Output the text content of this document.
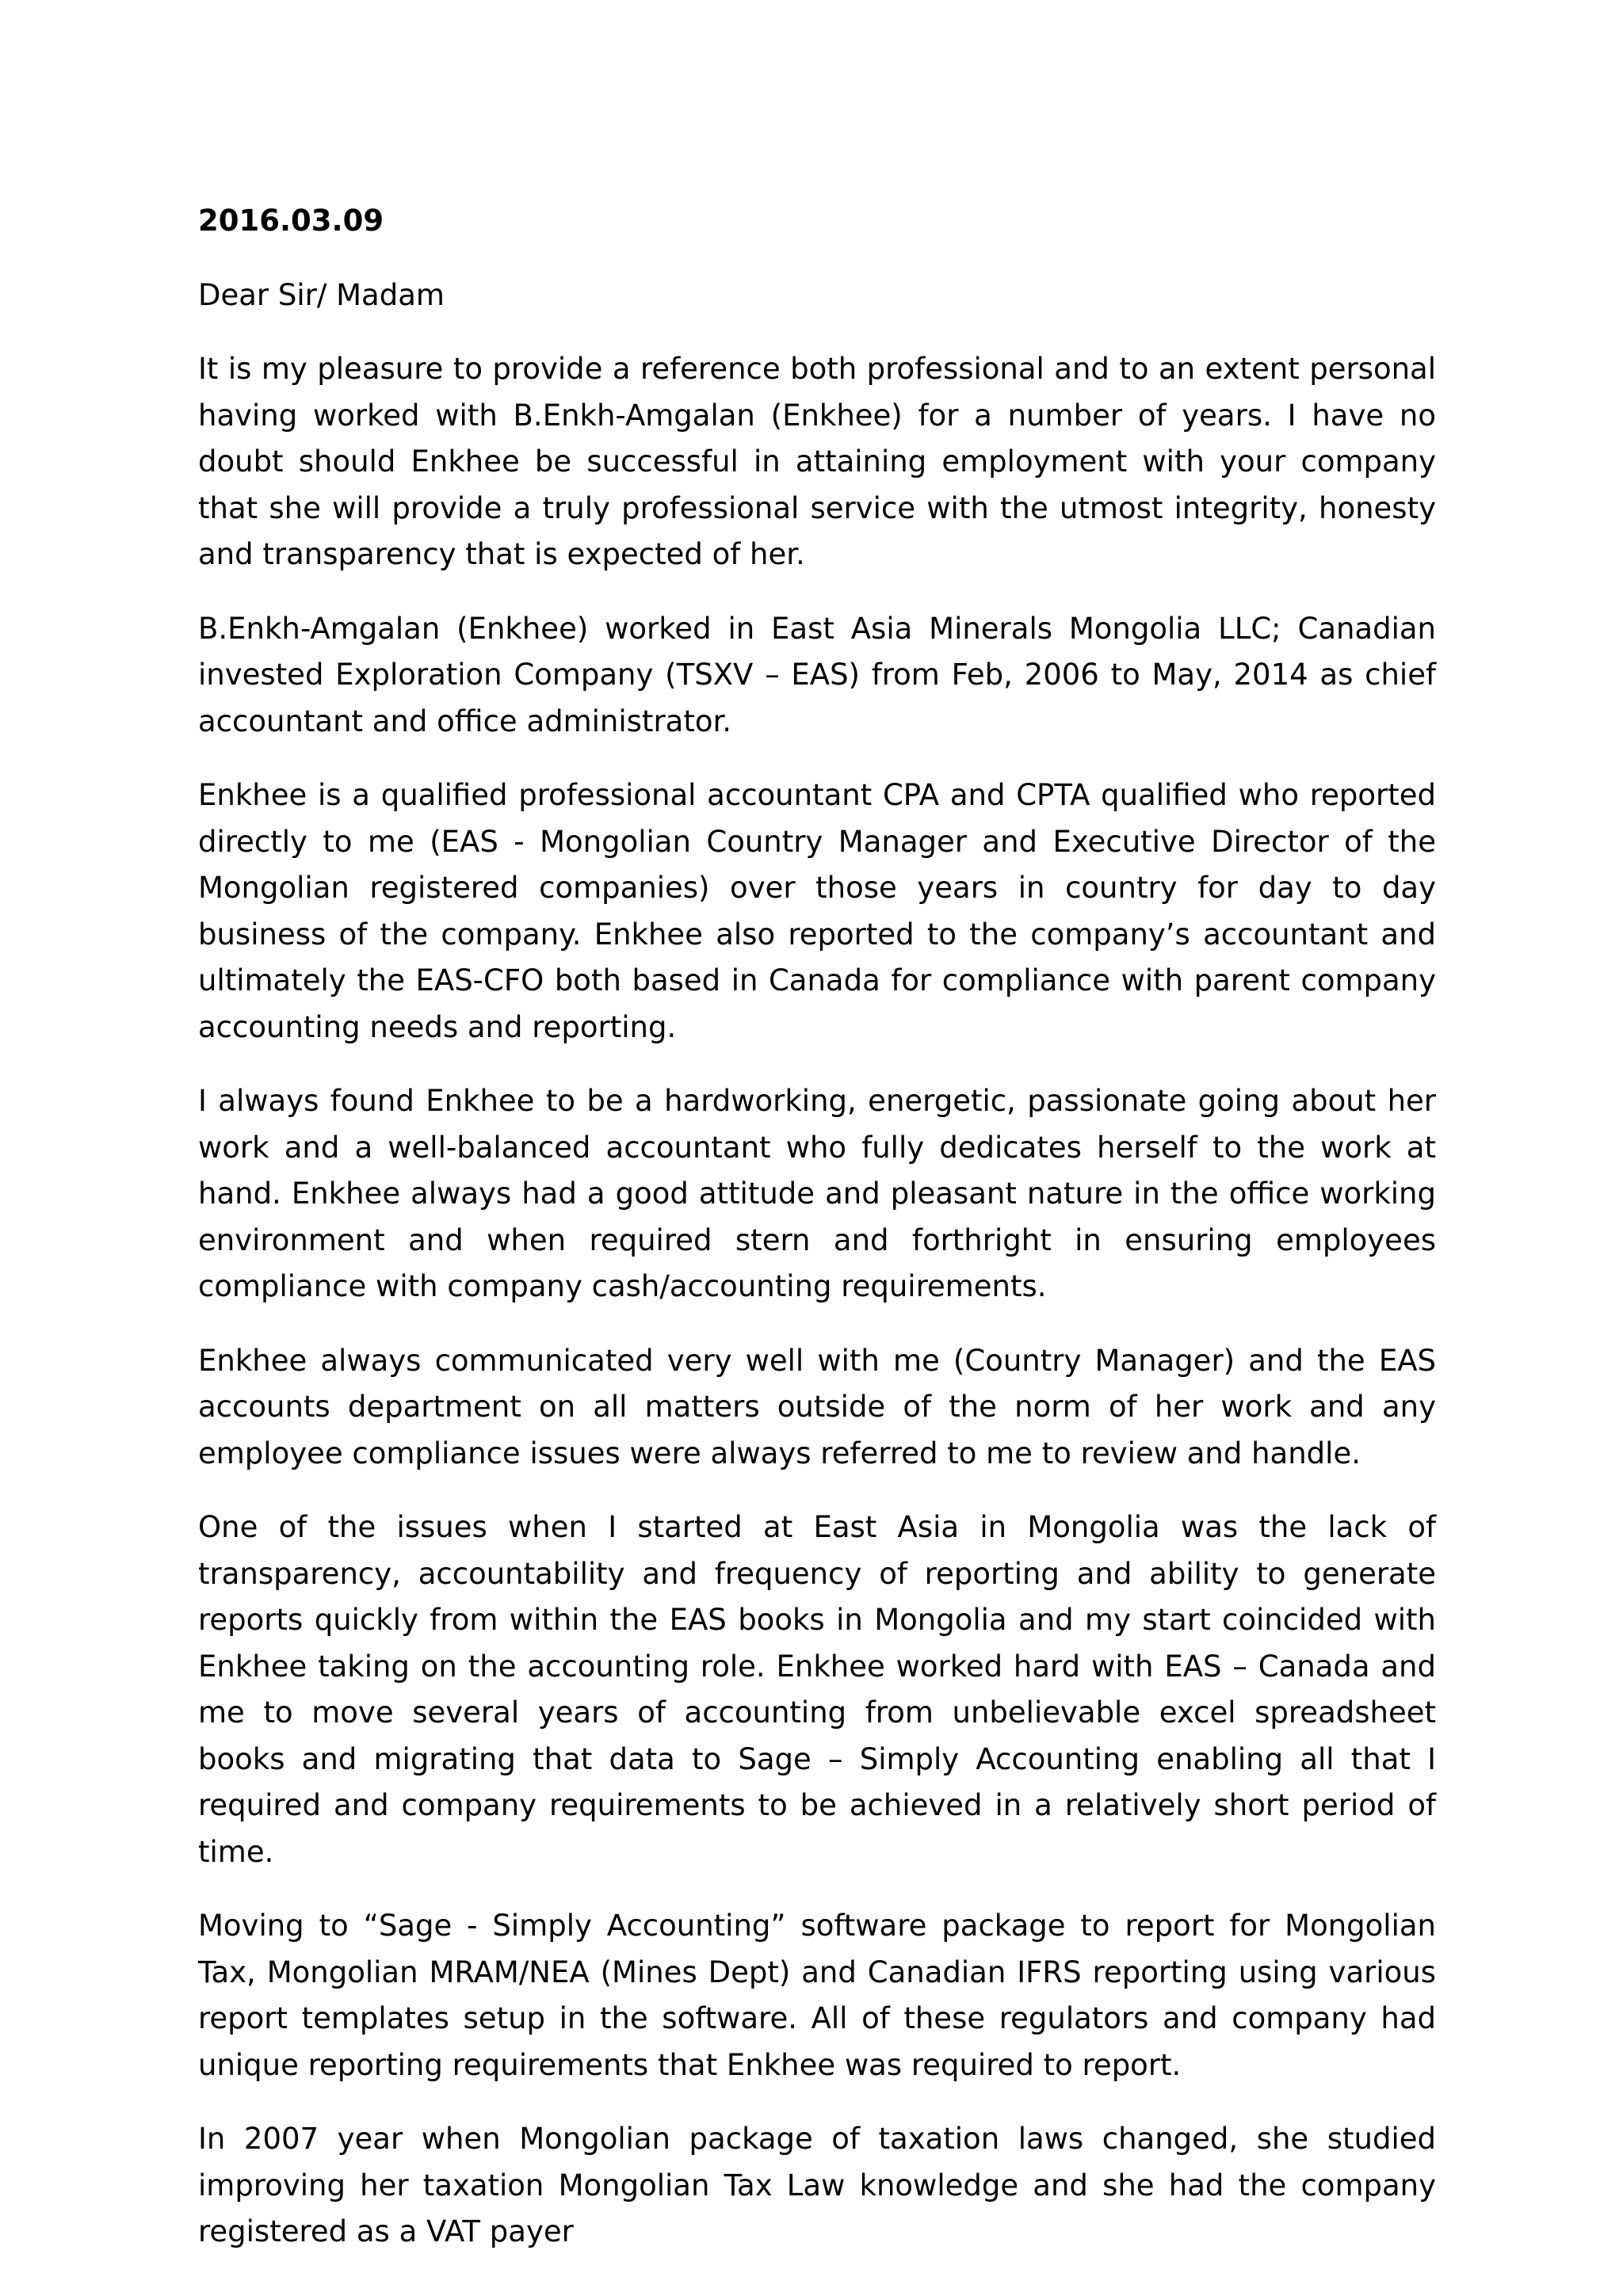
2016.03.09

Dear Sir/ Madam

It is my pleasure to provide a reference both professional and to an extent personal having worked with B.Enkh-Amgalan (Enkhee) for a number of years. I have no doubt should Enkhee be successful in attaining employment with your company that she will provide a truly professional service with the utmost integrity, honesty and transparency that is expected of her.

B.Enkh-Amgalan (Enkhee) worked in East Asia Minerals Mongolia LLC; Canadian invested Exploration Company (TSXV – EAS) from Feb, 2006 to May, 2014 as chief accountant and office administrator.

Enkhee is a qualified professional accountant CPA and CPTA qualified who reported directly to me (EAS - Mongolian Country Manager and Executive Director of the Mongolian registered companies) over those years in country for day to day business of the company. Enkhee also reported to the company’s accountant and ultimately the EAS-CFO both based in Canada for compliance with parent company accounting needs and reporting.

I always found Enkhee to be a hardworking, energetic, passionate going about her work and a well-balanced accountant who fully dedicates herself to the work at hand. Enkhee always had a good attitude and pleasant nature in the office working environment and when required stern and forthright in ensuring employees compliance with company cash/accounting requirements.

Enkhee always communicated very well with me (Country Manager) and the EAS accounts department on all matters outside of the norm of her work and any employee compliance issues were always referred to me to review and handle.

One of the issues when I started at East Asia in Mongolia was the lack of transparency, accountability and frequency of reporting and ability to generate reports quickly from within the EAS books in Mongolia and my start coincided with Enkhee taking on the accounting role. Enkhee worked hard with EAS – Canada and me to move several years of accounting from unbelievable excel spreadsheet books and migrating that data to Sage – Simply Accounting enabling all that I required and company requirements to be achieved in a relatively short period of time.

Moving to “Sage - Simply Accounting” software package to report for Mongolian Tax, Mongolian MRAM/NEA (Mines Dept) and Canadian IFRS reporting using various report templates setup in the software. All of these regulators and company had unique reporting requirements that Enkhee was required to report.

In 2007 year when Mongolian package of taxation laws changed, she studied improving her taxation Mongolian Tax Law knowledge and she had the company registered as a VAT payer
